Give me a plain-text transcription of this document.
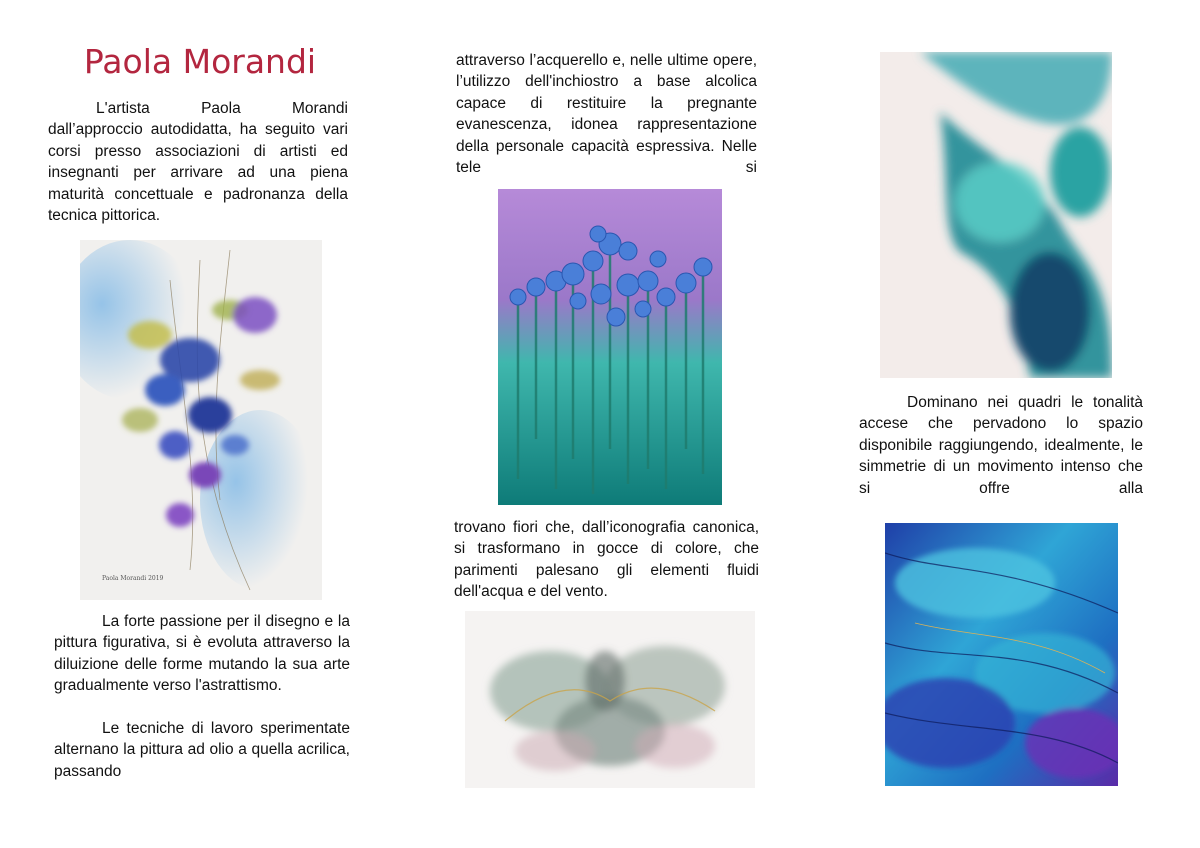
Paola Morandi

L'artista Paola Morandi dall’approccio autodidatta, ha seguito vari corsi presso associazioni di artisti ed insegnanti per arrivare ad una piena maturità concettuale e padronanza della tecnica pittorica.

La forte passione per il disegno e la pittura figurativa, si è evoluta attraverso la diluizione delle forme mutando la sua arte gradualmente verso l'astrattismo.

Le tecniche di lavoro sperimentate alternano la pittura ad olio a quella acrilica, passando

attraverso l’acquerello e, nelle ultime opere, l’utilizzo dell'inchiostro a base alcolica capace di restituire la pregnante evanescenza, idonea rappresentazione della personale capacità espressiva. Nelle tele si

trovano fiori che, dall’iconografia canonica, si trasformano in gocce di colore, che parimenti palesano gli elementi fluidi dell'acqua e del vento.

Dominano nei quadri le tonalità accese che pervadono lo spazio disponibile raggiungendo, idealmente, le simmetrie di un movimento intenso che si offre alla

Paola Morandi 2019
